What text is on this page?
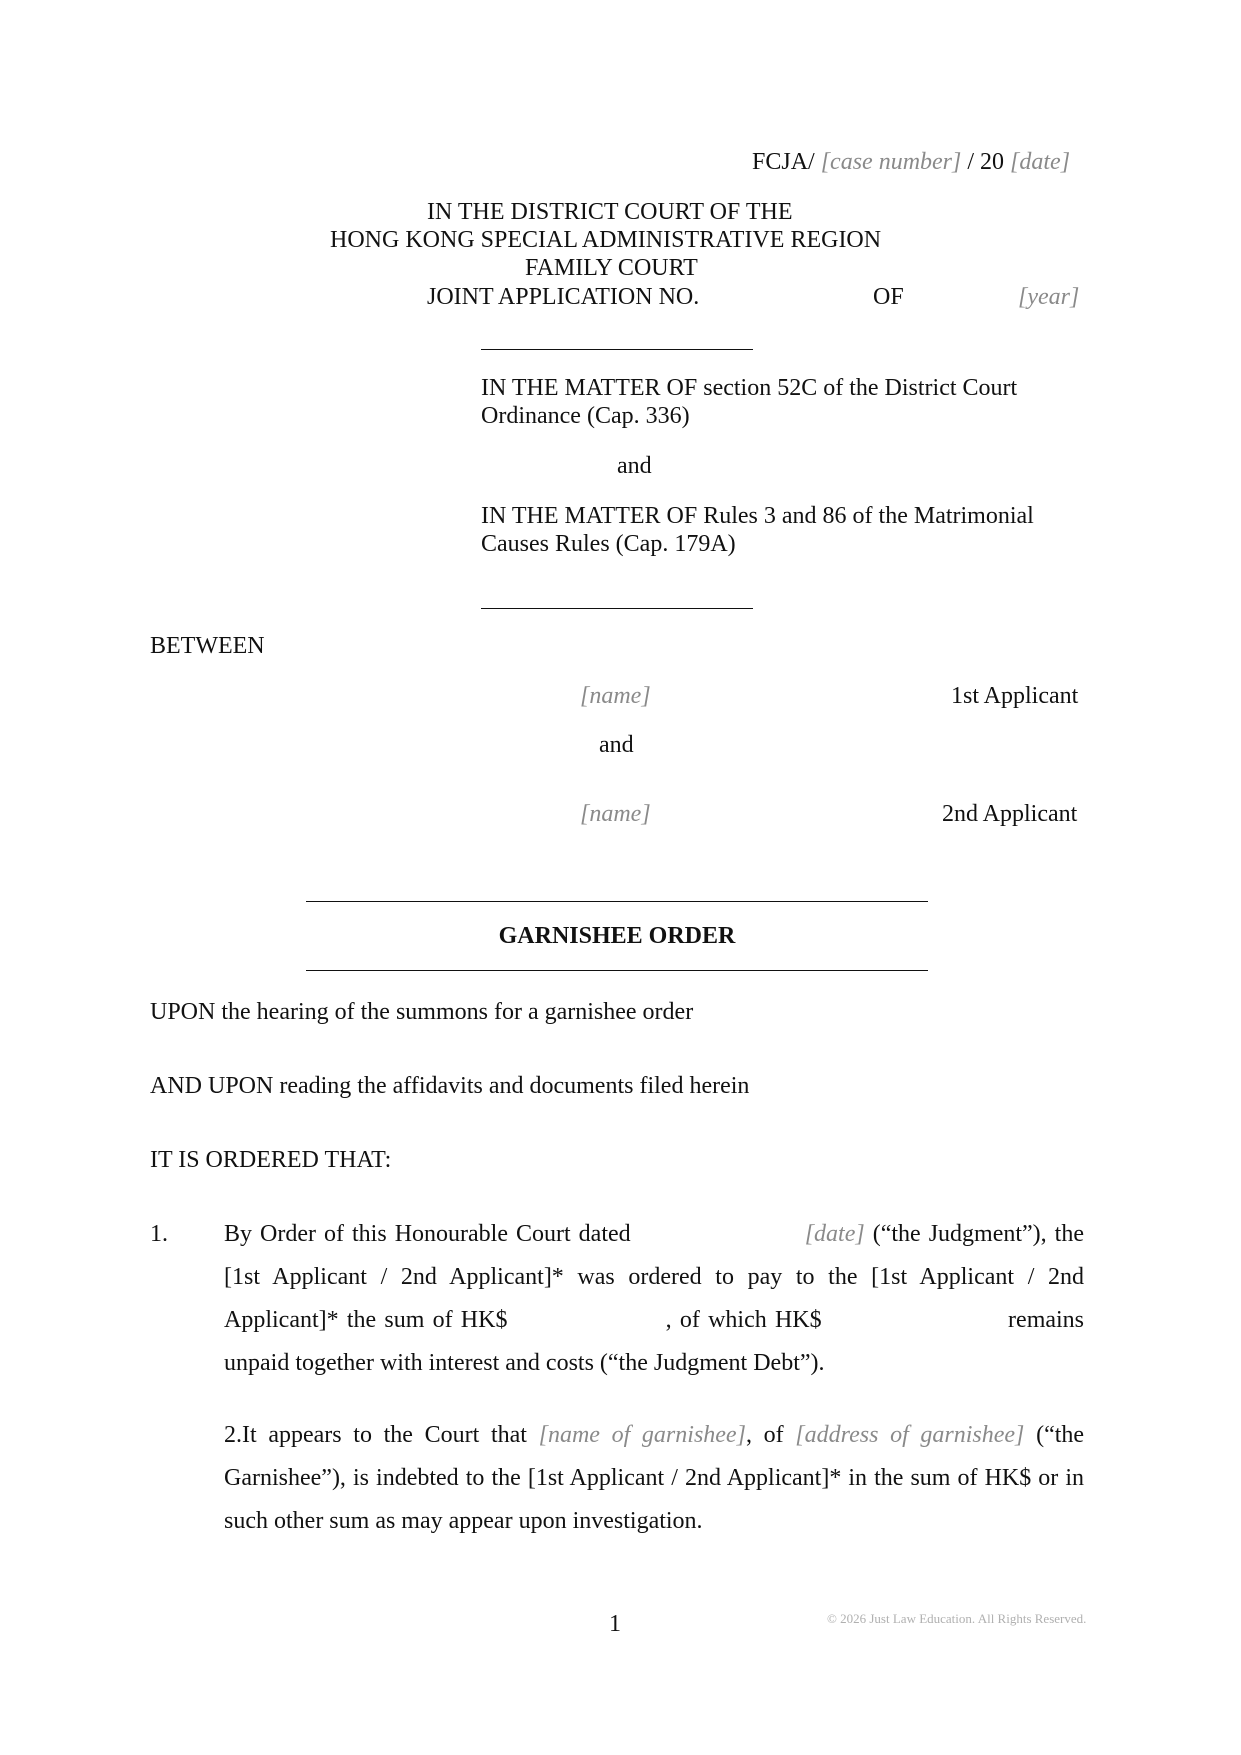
FCJA/ [case number] / 20 [date]
IN THE DISTRICT COURT OF THE
HONG KONG SPECIAL ADMINISTRATIVE REGION
FAMILY COURT
JOINT APPLICATION NO.	OF	[year]
IN THE MATTER OF section 52C of the District Court
Ordinance (Cap. 336)
and
IN THE MATTER OF Rules 3 and 86 of the Matrimonial
Causes Rules (Cap. 179A)
BETWEEN
[name]	1st Applicant
and
[name]	2nd Applicant
GARNISHEE ORDER
UPON the hearing of the summons for a garnishee order
AND UPON reading the affidavits and documents filed herein
IT IS ORDERED THAT:
1. By Order of this Honourable Court dated	[date] (“the Judgment”), the [1st Applicant / 2nd Applicant]* was ordered to pay to the [1st Applicant / 2nd Applicant]* the sum of HK$	, of which HK$	remains unpaid together with interest and costs (“the Judgment Debt”).
2.It appears to the Court that [name of garnishee], of [address of garnishee] (“the Garnishee”), is indebted to the [1st Applicant / 2nd Applicant]* in the sum of HK$ or in such other sum as may appear upon investigation.
1	© 2026 Just Law Education. All Rights Reserved.
